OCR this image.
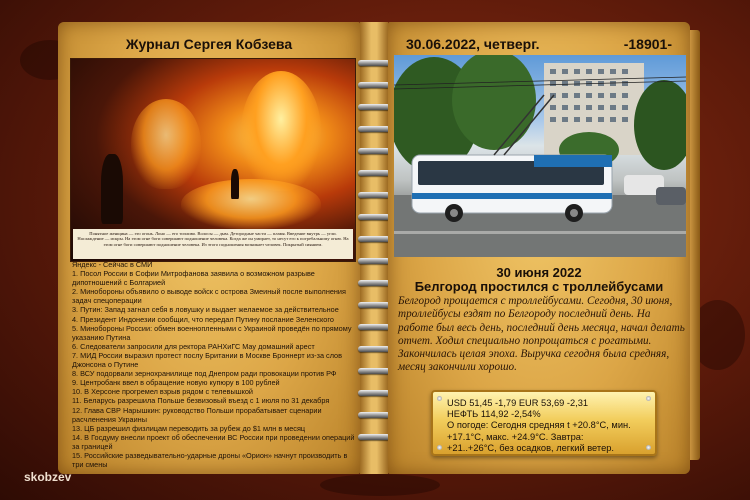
Журнал Сергея Кобзева
Понятное женщина — это огонь. Лоно — его топливо. Волосы — дым. Детородные части — пламя. Введение внутрь — угли. Наслаждение — искры. На этом огне боги совершают подношение человека. Когда же он умирает, то несут его к погребальному огню. На этом огне боги совершают подношение человека. Из этого подношения возникает человек. Покрытый сиянием.
Яндекс - Сейчас в СМИ
1. Посол России в Софии Митрофанова заявила о возможном разрыве дипотношений с Болгарией
2. Минобороны объявило о выводе войск с острова Змеиный после выполнения задач спецоперации
3. Путин: Запад загнал себя в ловушку и выдает желаемое за действительное
4. Президент Индонезии сообщил, что передал Путину послание Зеленского
5. Минобороны России: обмен военнопленными с Украиной проведён по прямому указанию Путина
6. Следователи запросили для ректора РАНХиГС Мау домашний арест
7. МИД России выразил протест послу Британии в Москве Броннерт из-за слов Джонсона о Путине
8. ВСУ подорвали зернохранилище под Днепром ради провокации против РФ
9. Центробанк ввел в обращение новую купюру в 100 рублей
10. В Херсоне прогремел взрыв рядом с телевышкой
11. Беларусь разрешила Польше безвизовый въезд с 1 июля по 31 декабря
12. Глава СВР Нарышкин: руководство Польши прорабатывает сценарии расчленения Украины
13. ЦБ разрешил физлицам переводить за рубеж до $1 млн в месяц
14. В Госдуму внесли проект об обеспечении ВС России при проведении операций за границей
15. Российские разведывательно-ударные дроны «Орион» начнут производить в три смены
30.06.2022, четверг.	-18901-
30 июня 2022
Белгород простился с троллейбусами
Белгород прощается с троллейбусами. Сегодня, 30 июня, троллейбусы ездят по Белгороду последний день. На работе был весь день, последний день месяца, начал делать отчет. Ходил специально попрощаться с рогатыми. Закончилась целая эпоха. Выручка сегодня была средняя, месяц закончили хорошо.
USD 51,45 -1,79 EUR 53,69 -2,31
НЕФТЬ 114,92 -2,54%
О погоде: Сегодня средняя t +20.8°C, мин.
+17.1°C, макс. +24.9°C. Завтра:
+21..+26°C, без осадков, легкий ветер.
skobzev
